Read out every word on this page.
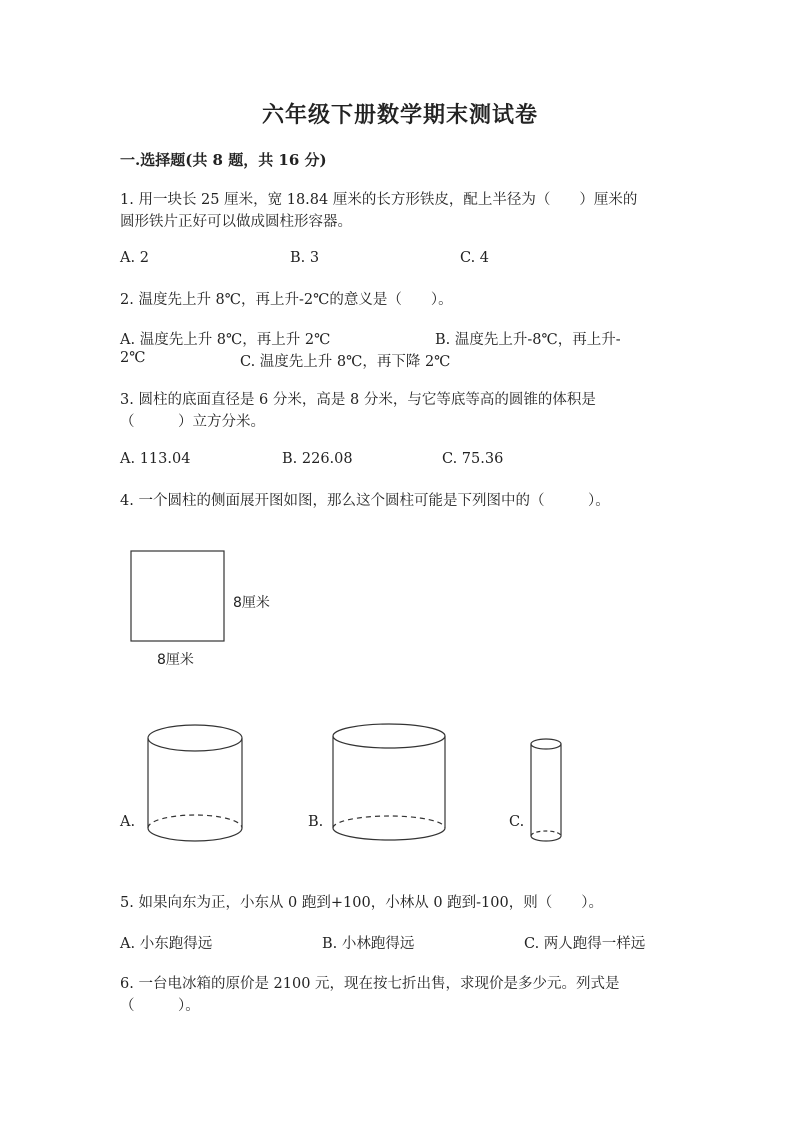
六年级下册数学期末测试卷
一.选择题(共 8 题，共 16 分)
1. 用一块长 25 厘米，宽 18.84 厘米的长方形铁皮，配上半径为（　　）厘米的
圆形铁片正好可以做成圆柱形容器。
A. 2	B. 3	C. 4
2. 温度先上升 8℃，再上升-2℃的意义是（　　）。
A. 温度先上升 8℃，再上升 2℃	B. 温度先上升-8℃，再上升-
2℃	C. 温度先上升 8℃，再下降 2℃
3. 圆柱的底面直径是 6 分米，高是 8 分米，与它等底等高的圆锥的体积是
（　　　）立方分米。
A. 113.04	B. 226.08	C. 75.36
4. 一个圆柱的侧面展开图如图，那么这个圆柱可能是下列图中的（　　　）。
8厘米
8厘米
A.	B.	C.
5. 如果向东为正，小东从 0 跑到+100，小林从 0 跑到-100，则（　　）。
A. 小东跑得远	B. 小林跑得远	C. 两人跑得一样远
6. 一台电冰箱的原价是 2100 元，现在按七折出售，求现价是多少元。列式是
（　　　）。
